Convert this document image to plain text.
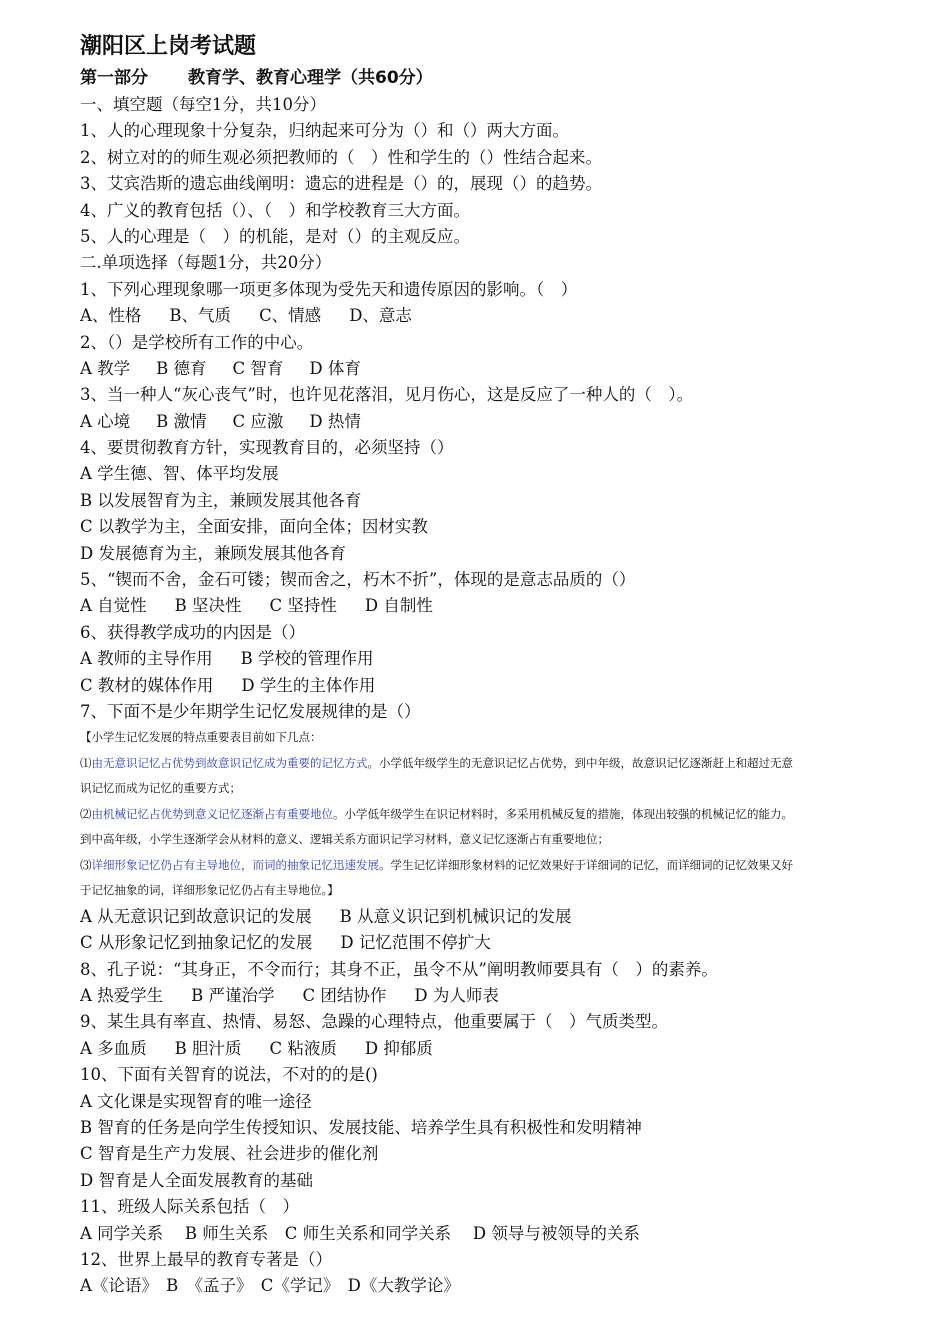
潮阳区上岗考试题
第一部分 教育学、教育心理学（共60分）
一、填空题（每空1分，共10分）
1、人的心理现象十分复杂，归纳起来可分为（）和（）两大方面。
2、树立对的的师生观必须把教师的（　）性和学生的（）性结合起来。
3、艾宾浩斯的遗忘曲线阐明：遗忘的进程是（）的，展现（）的趋势。
4、广义的教育包括（）、（　）和学校教育三大方面。
5、人的心理是（　）的机能，是对（）的主观反应。
二.单项选择（每题1分，共20分）
1、下列心理现象哪一项更多体现为受先天和遗传原因的影响。（　）
A、性格 B、气质 C、情感 D、意志
2、（）是学校所有工作的中心。
A 教学 B 德育 C 智育 D 体育
3、当一种人“灰心丧气”时，也许见花落泪，见月伤心，这是反应了一种人的（　）。
A 心境 B 激情 C 应激 D 热情
4、要贯彻教育方针，实现教育目的，必须坚持（）
A 学生德、智、体平均发展
B 以发展智育为主，兼顾发展其他各育
C 以教学为主，全面安排，面向全体；因材实教
D 发展德育为主，兼顾发展其他各育
5、“锲而不舍，金石可镂；锲而舍之，朽木不折”，体现的是意志品质的（）
A 自觉性 B 坚决性 C 坚持性 D 自制性
6、获得教学成功的内因是（）
A 教师的主导作用 B 学校的管理作用
C 教材的媒体作用 D 学生的主体作用
7、下面不是少年期学生记忆发展规律的是（）
【小学生记忆发展的特点重要表目前如下几点：
⑴由无意识记忆占优势到故意识记忆成为重要的记忆方式。小学低年级学生的无意识记忆占优势，到中年级，故意识记忆逐渐赶上和超过无意
识记忆而成为记忆的重要方式；
⑵由机械记忆占优势到意义记忆逐渐占有重要地位。小学低年级学生在识记材料时，多采用机械反复的措施，体现出较强的机械记忆的能力。
到中高年级，小学生逐渐学会从材料的意义、逻辑关系方面识记学习材料，意义记忆逐渐占有重要地位；
⑶详细形象记忆仍占有主导地位，而词的抽象记忆迅速发展。学生记忆详细形象材料的记忆效果好于详细词的记忆，而详细词的记忆效果又好
于记忆抽象的词，详细形象记忆仍占有主导地位。】
A 从无意识记到故意识记的发展 B 从意义识记到机械识记的发展
C 从形象记忆到抽象记忆的发展 D 记忆范围不停扩大
8、孔子说：“其身正，不令而行；其身不正，虽令不从”阐明教师要具有（　）的素养。
A 热爱学生 B 严谨治学 C 团结协作 D 为人师表
9、某生具有率直、热情、易怒、急躁的心理特点，他重要属于（　）气质类型。
A 多血质 B 胆汁质 C 粘液质 D 抑郁质
10、下面有关智育的说法，不对的的是()
A 文化课是实现智育的唯一途径
B 智育的任务是向学生传授知识、发展技能、培养学生具有积极性和发明精神
C 智育是生产力发展、社会进步的催化剂
D 智育是人全面发展教育的基础
11、班级人际关系包括（　）
A 同学关系　 B 师生关系　C 师生关系和同学关系　 D 领导与被领导的关系
12、世界上最早的教育专著是（）
A《论语》　B　《孟子》　C《学记》　D《大教学论》
